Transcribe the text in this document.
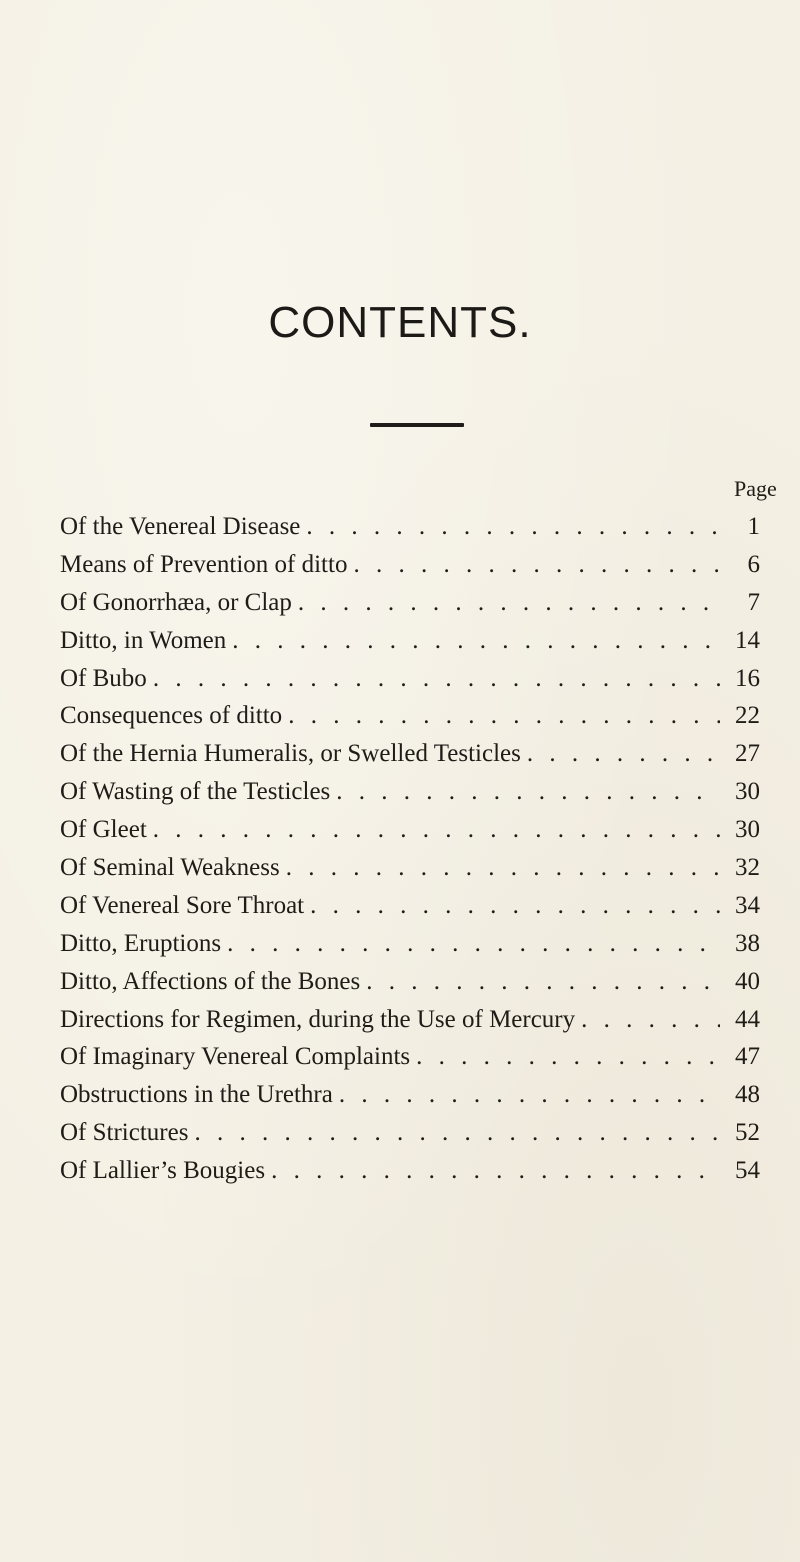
CONTENTS.
Page
Of the Venereal Disease . . .	1
Means of Prevention of ditto . . .	6
Of Gonorrhæa, or Clap . . .	7
Ditto, in Women . . .	14
Of Bubo . . .	16
Consequences of ditto . . .	22
Of the Hernia Humeralis, or Swelled Testicles . . .	27
Of Wasting of the Testicles . . .	30
Of Gleet . . .	30
Of Seminal Weakness . . .	32
Of Venereal Sore Throat . . .	34
Ditto, Eruptions . . .	38
Ditto, Affections of the Bones . . .	40
Directions for Regimen, during the Use of Mercury . . .	44
Of Imaginary Venereal Complaints . . .	47
Obstructions in the Urethra . . .	48
Of Strictures . . .	52
Of Lallier’s Bougies . . .	54
